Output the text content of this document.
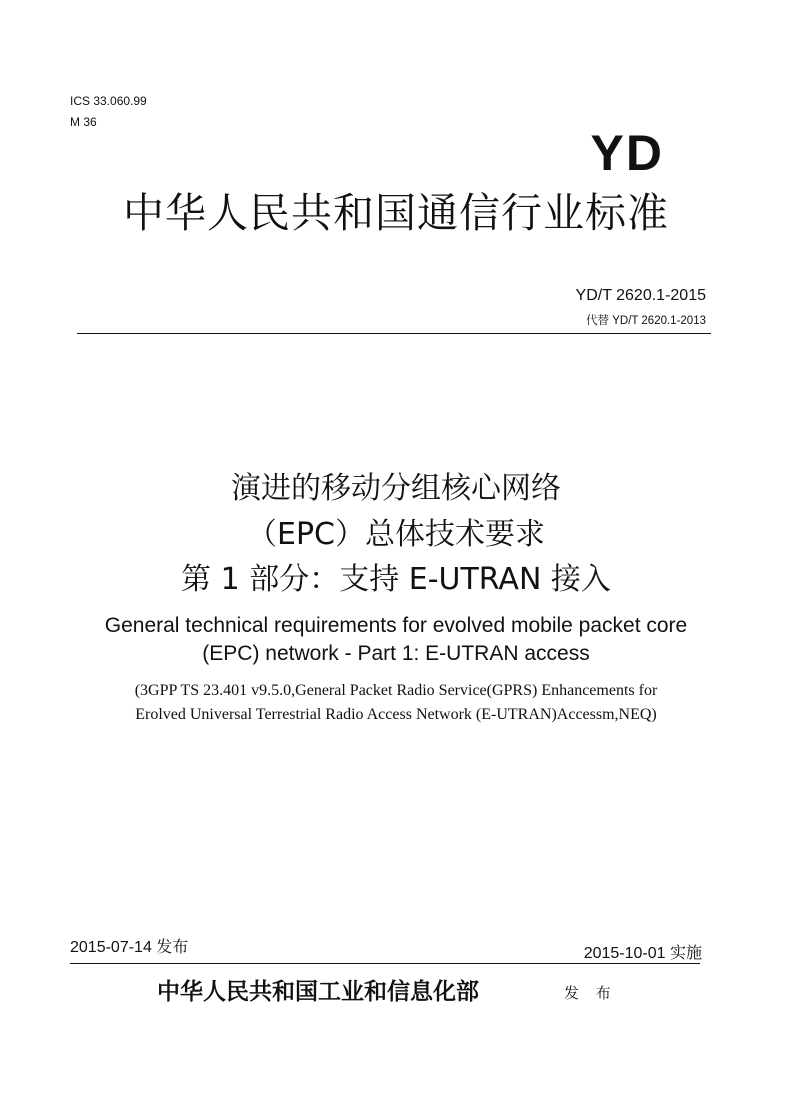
ICS 33.060.99
M 36
YD
中华人民共和国通信行业标准
YD/T 2620.1-2015
代替 YD/T 2620.1-2013
演进的移动分组核心网络
（EPC）总体技术要求
第 1 部分：支持 E-UTRAN 接入
General technical requirements for evolved mobile packet core
(EPC) network - Part 1: E-UTRAN access
(3GPP TS 23.401 v9.5.0,General Packet Radio Service(GPRS) Enhancements for
Erolved Universal Terrestrial Radio Access Network (E-UTRAN)Accessm,NEQ)
2015-07-14 发布	2015-10-01 实施
中华人民共和国工业和信息化部	发 布
